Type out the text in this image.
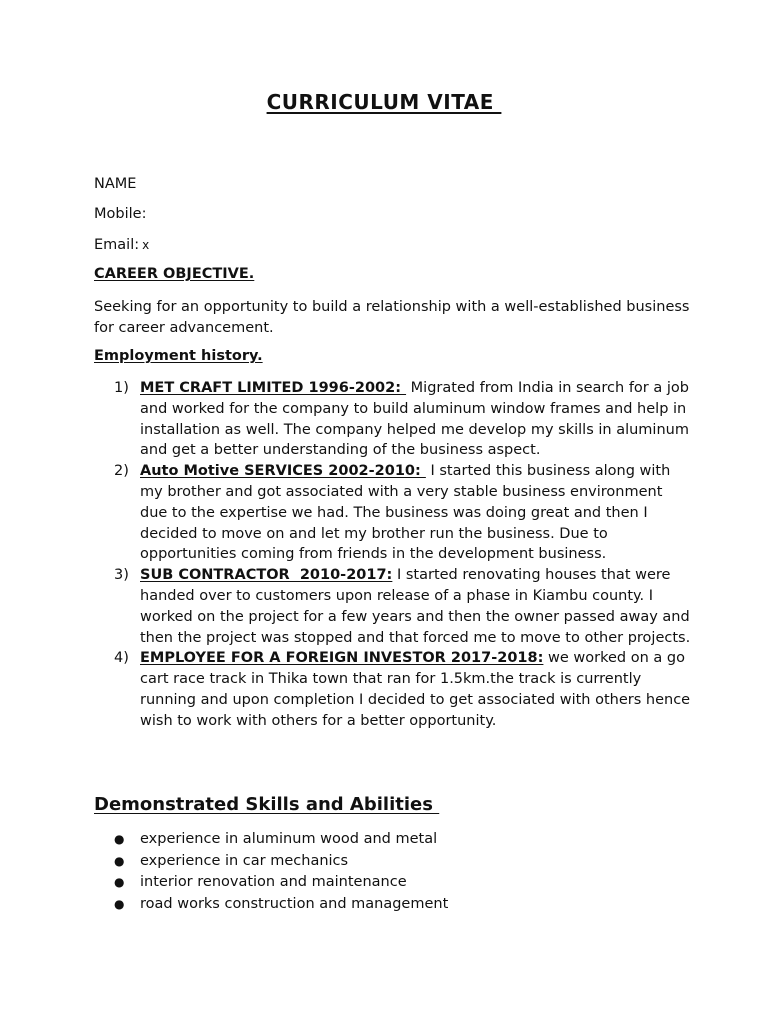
CURRICULUM VITAE
NAME
Mobile:
Email: x
CAREER OBJECTIVE.
Seeking for an opportunity to build a relationship with a well-established business for career advancement.
Employment history.
1) MET CRAFT LIMITED 1996-2002:  Migrated from India in search for a job and worked for the company to build aluminum window frames and help in installation as well. The company helped me develop my skills in aluminum and get a better understanding of the business aspect.
2) Auto Motive SERVICES 2002-2010:  I started this business along with my brother and got associated with a very stable business environment due to the expertise we had. The business was doing great and then I decided to move on and let my brother run the business. Due to opportunities coming from friends in the development business.
3) SUB CONTRACTOR  2010-2017: I started renovating houses that were handed over to customers upon release of a phase in Kiambu county. I worked on the project for a few years and then the owner passed away and then the project was stopped and that forced me to move to other projects.
4) EMPLOYEE FOR A FOREIGN INVESTOR 2017-2018: we worked on a go cart race track in Thika town that ran for 1.5km.the track is currently running and upon completion I decided to get associated with others hence wish to work with others for a better opportunity.
Demonstrated Skills and Abilities
● experience in aluminum wood and metal
● experience in car mechanics
● interior renovation and maintenance
● road works construction and management
